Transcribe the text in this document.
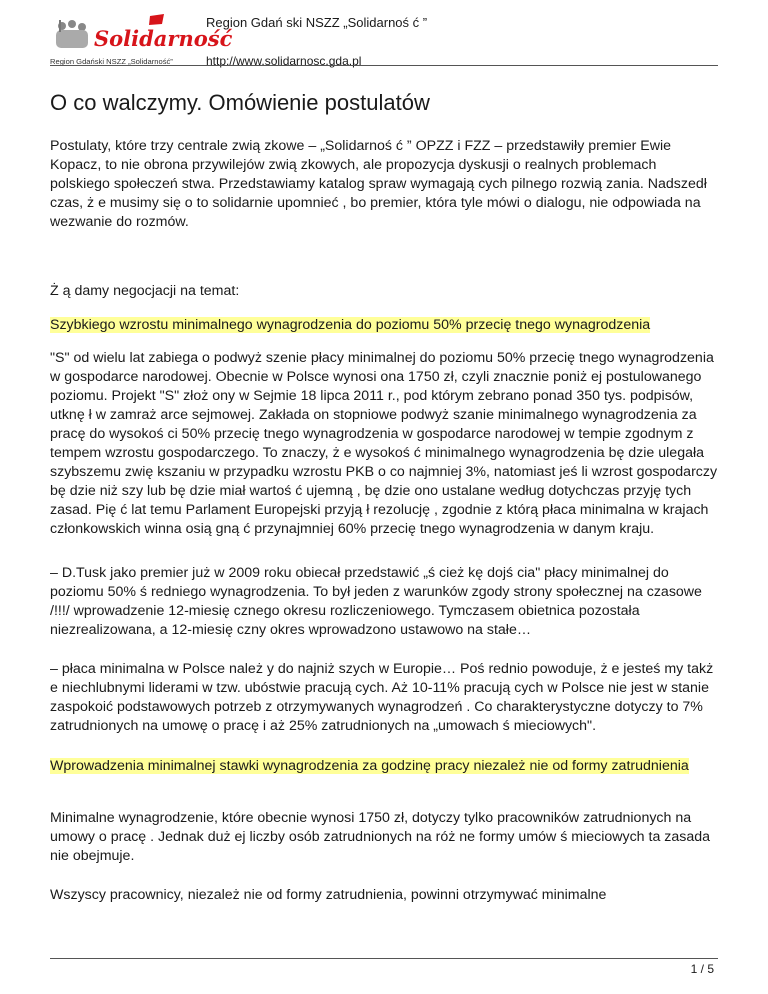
Solidarność
Region Gdański NSZZ „Solidarność”
Region Gdań ski NSZZ „Solidarnoś ć ”
http://www.solidarnosc.gda.pl
O co walczymy. Omówienie postulatów

Postulaty, które trzy centrale zwią zkowe – „Solidarnoś ć ” OPZZ i FZZ – przedstawiły premier Ewie Kopacz, to nie obrona przywilejów zwią zkowych, ale propozycja dyskusji o realnych problemach polskiego społeczeń stwa. Przedstawiamy katalog spraw wymagają cych pilnego rozwią zania. Nadszedł czas, ż e musimy się o to solidarnie upomnieć , bo premier, która tyle mówi o dialogu, nie odpowiada na wezwanie do rozmów.

Ż ą damy negocjacji na temat:

Szybkiego wzrostu minimalnego wynagrodzenia do poziomu 50% przecię tnego wynagrodzenia

"S" od wielu lat zabiega o podwyż szenie płacy minimalnej do poziomu 50% przecię tnego wynagrodzenia w gospodarce narodowej. Obecnie w Polsce wynosi ona 1750 zł, czyli znacznie poniż ej postulowanego poziomu. Projekt "S" złoż ony w Sejmie 18 lipca 2011 r., pod którym zebrano ponad 350 tys. podpisów, utknę ł w zamraż arce sejmowej. Zakłada on stopniowe podwyż szanie minimalnego wynagrodzenia za pracę do wysokoś ci 50% przecię tnego wynagrodzenia w gospodarce narodowej w tempie zgodnym z tempem wzrostu gospodarczego. To znaczy, ż e wysokoś ć minimalnego wynagrodzenia bę dzie ulegała szybszemu zwię kszaniu w przypadku wzrostu PKB o co najmniej 3%, natomiast jeś li wzrost gospodarczy bę dzie niż szy lub bę dzie miał wartoś ć ujemną , bę dzie ono ustalane według dotychczas przyję tych zasad. Pię ć lat temu Parlament Europejski przyją ł rezolucję , zgodnie z którą płaca minimalna w krajach członkowskich winna osią gną ć przynajmniej 60% przecię tnego wynagrodzenia w danym kraju.

– D.Tusk jako premier już w 2009 roku obiecał przedstawić „ś cież kę dojś cia" płacy minimalnej do poziomu 50% ś redniego wynagrodzenia. To był jeden z warunków zgody strony społecznej na czasowe /!!!/ wprowadzenie 12-miesię cznego okresu rozliczeniowego. Tymczasem obietnica pozostała niezrealizowana, a 12-miesię czny okres wprowadzono ustawowo na stałe…

– płaca minimalna w Polsce należ y do najniż szych w Europie… Poś rednio powoduje, ż e jesteś my takż e niechlubnymi liderami w tzw. ubóstwie pracują cych. Aż 10-11% pracują cych w Polsce nie jest w stanie zaspokoić podstawowych potrzeb z otrzymywanych wynagrodzeń . Co charakterystyczne dotyczy to 7% zatrudnionych na umowę o pracę i aż 25% zatrudnionych na „umowach ś mieciowych".

Wprowadzenia minimalnej stawki wynagrodzenia za godzinę pracy niezależ nie od formy zatrudnienia

Minimalne wynagrodzenie, które obecnie wynosi 1750 zł, dotyczy tylko pracowników zatrudnionych na umowy o pracę . Jednak duż ej liczby osób zatrudnionych na róż ne formy umów ś mieciowych ta zasada nie obejmuje.

Wszyscy pracownicy, niezależ nie od formy zatrudnienia, powinni otrzymywać minimalne

1 / 5
